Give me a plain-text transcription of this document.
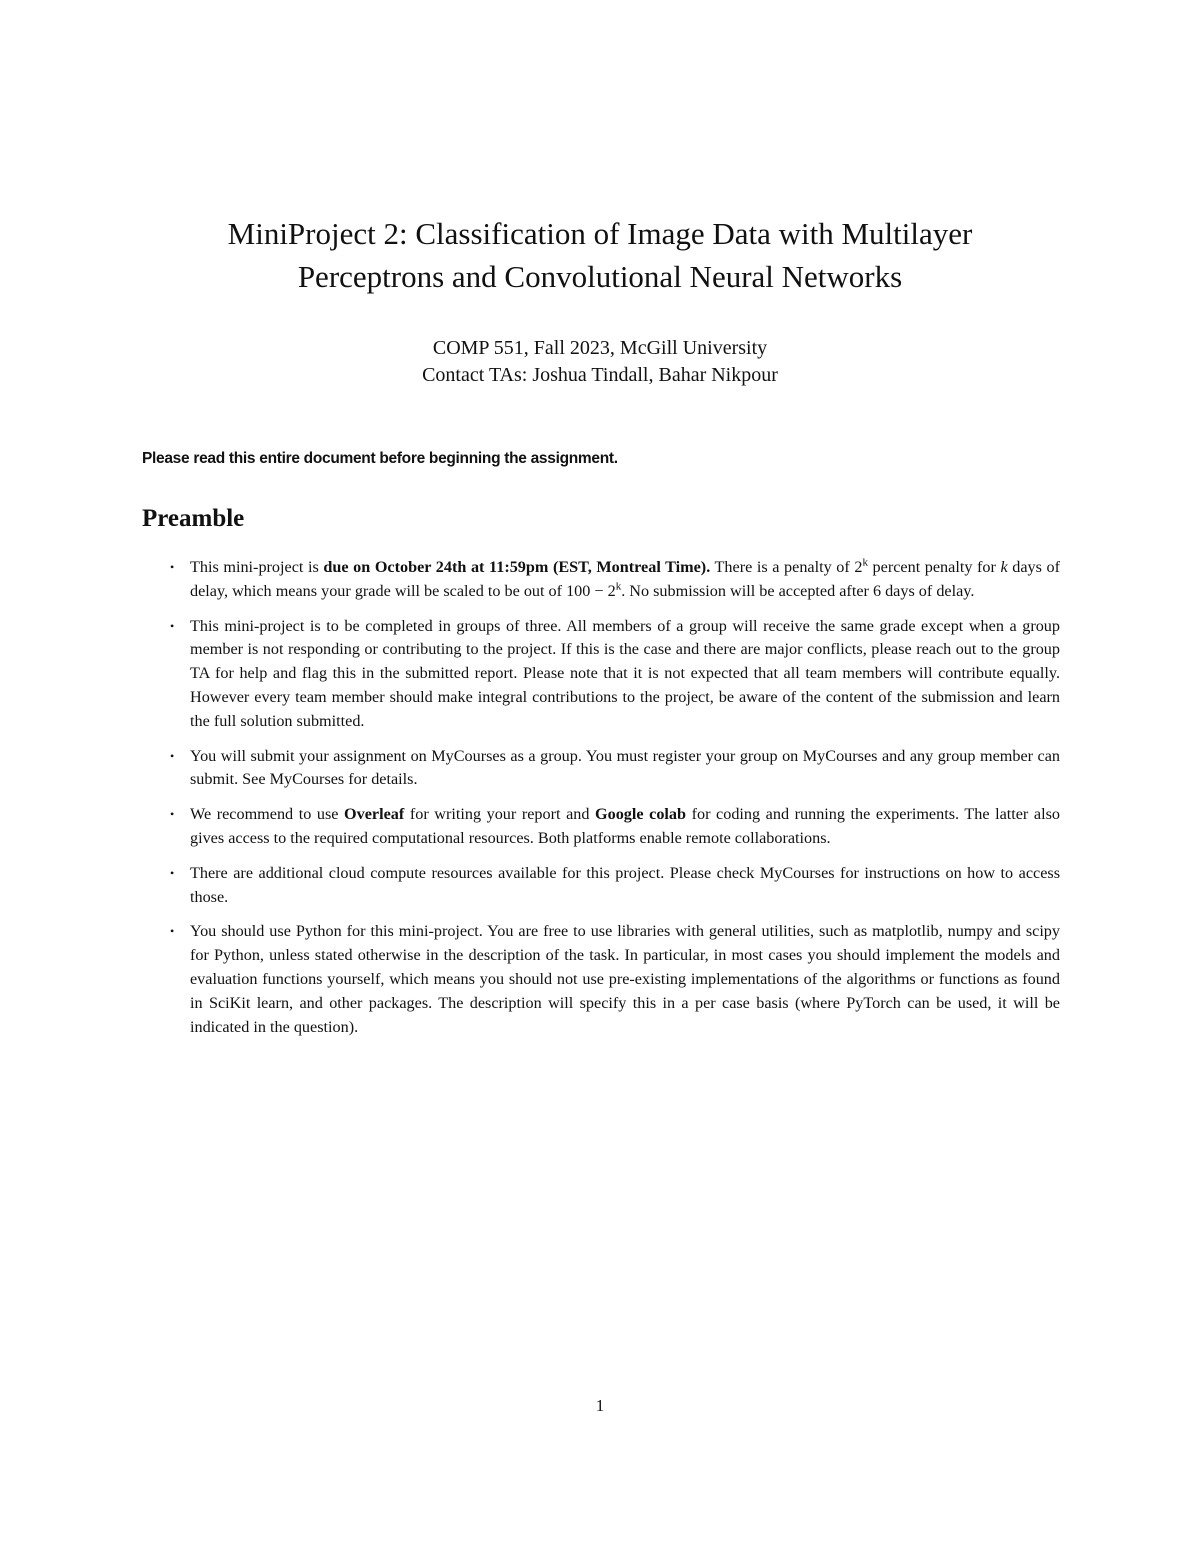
MiniProject 2: Classification of Image Data with Multilayer
Perceptrons and Convolutional Neural Networks
COMP 551, Fall 2023, McGill University
Contact TAs: Joshua Tindall, Bahar Nikpour
Please read this entire document before beginning the assignment.
Preamble
• This mini-project is due on October 24th at 11:59pm (EST, Montreal Time). There is a penalty of 2$^k$ percent penalty for k days of delay, which means your grade will be scaled to be out of $100 - 2^k$. No submission will be accepted after 6 days of delay.
• This mini-project is to be completed in groups of three. All members of a group will receive the same grade except when a group member is not responding or contributing to the project. If this is the case and there are major conflicts, please reach out to the group TA for help and flag this in the submitted report. Please note that it is not expected that all team members will contribute equally. However every team member should make integral contributions to the project, be aware of the content of the submission and learn the full solution submitted.
• You will submit your assignment on MyCourses as a group. You must register your group on MyCourses and any group member can submit. See MyCourses for details.
• We recommend to use Overleaf for writing your report and Google colab for coding and running the experiments. The latter also gives access to the required computational resources. Both platforms enable remote collaborations.
• There are additional cloud compute resources available for this project. Please check MyCourses for instructions on how to access those.
• You should use Python for this mini-project. You are free to use libraries with general utilities, such as matplotlib, numpy and scipy for Python, unless stated otherwise in the description of the task. In particular, in most cases you should implement the models and evaluation functions yourself, which means you should not use pre-existing implementations of the algorithms or functions as found in SciKit learn, and other packages. The description will specify this in a per case basis (where PyTorch can be used, it will be indicated in the question).
1
